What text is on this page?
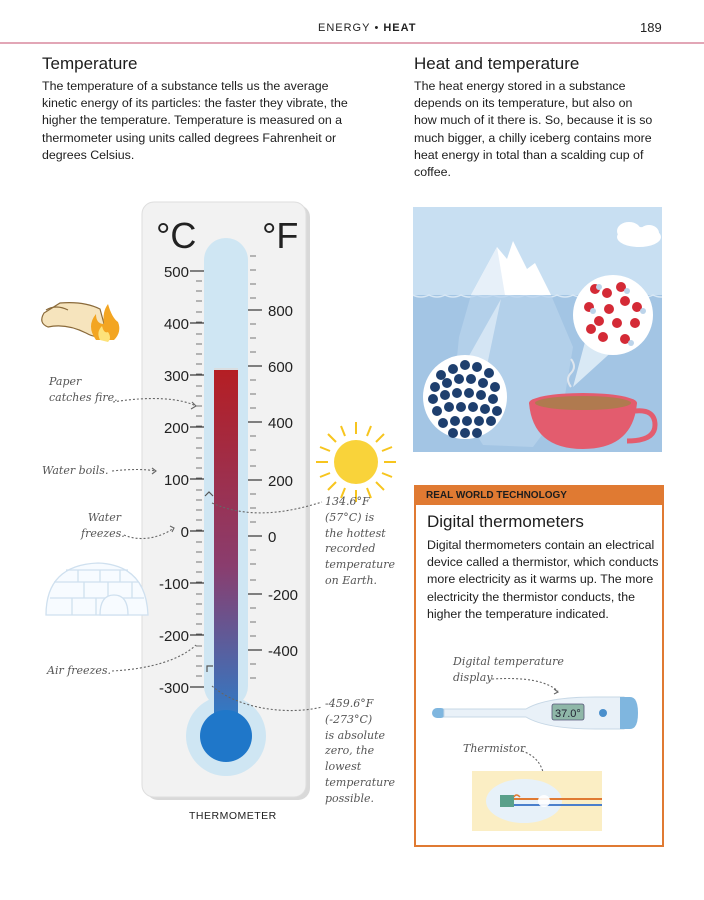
ENERGY • HEAT	189
Temperature

The temperature of a substance tells us the average kinetic energy of its particles: the faster they vibrate, the higher the temperature. Temperature is measured on a thermometer using units called degrees Fahrenheit or degrees Celsius.

Heat and temperature

The heat energy stored in a substance depends on its temperature, but also on how much of it there is. So, because it is so much bigger, a chilly iceberg contains more heat energy in total than a scalding cup of coffee.

°C °F
500
400
300
200
100
0
-100
-200
-300
800
600
400
200
0
-200
-400
Paper
catches fire.
Water boils.
Water
freezes.
Air freezes.
134.6°F
(57°C) is
the hottest
recorded
temperature
on Earth.
-459.6°F
(-273°C)
is absolute
zero, the
lowest
temperature
possible.
THERMOMETER
REAL WORLD TECHNOLOGY
Digital thermometers
Digital thermometers contain an electrical device called a thermistor, which conducts more electricity as it warms up. The more electricity the thermistor conducts, the higher the temperature indicated.
Digital temperature
display
Thermistor
37.0°
